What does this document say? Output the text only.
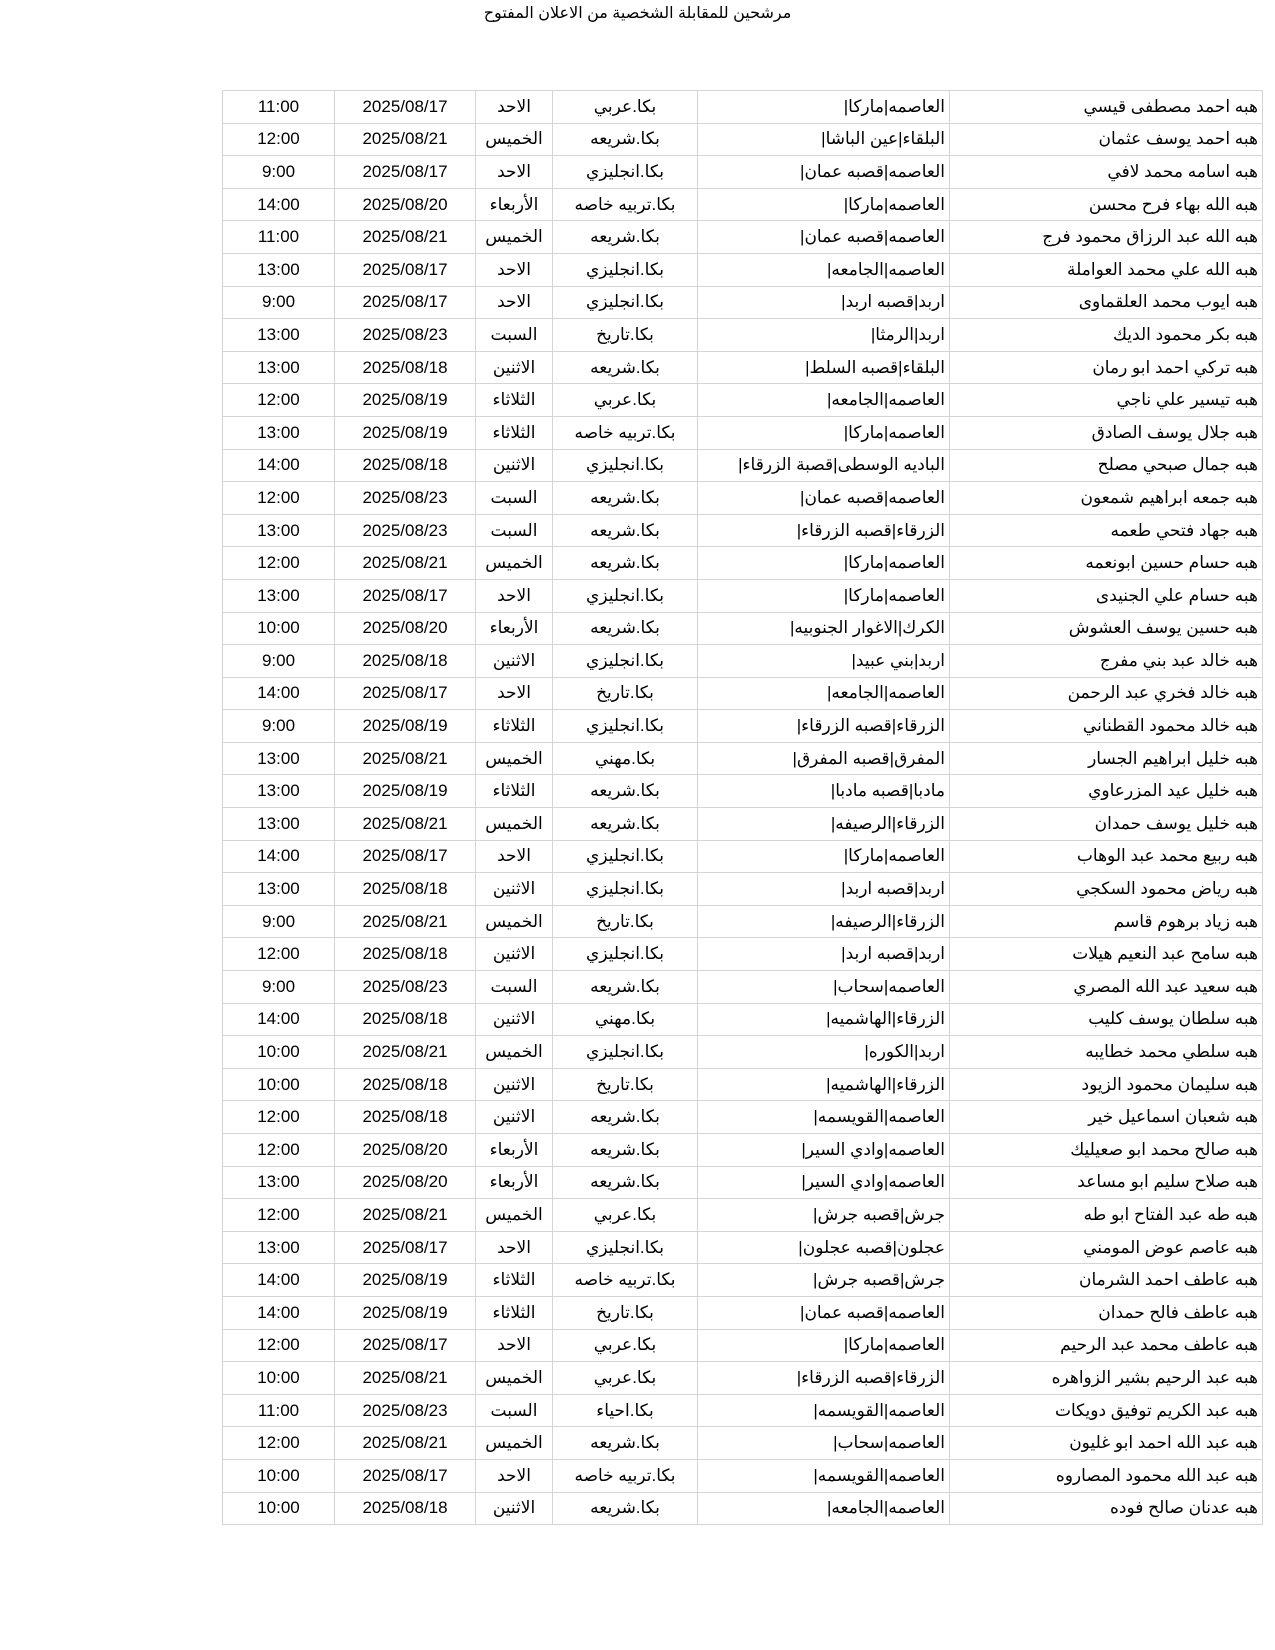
مرشحين للمقابلة الشخصية من الاعلان المفتوح
11:00	2025/08/17	الاحد	بكا.عربي	العاصمه|ماركا|	هبه احمد مصطفى قيسي
12:00	2025/08/21	الخميس	بكا.شريعه	البلقاء|عين الباشا|	هبه احمد يوسف عثمان
9:00	2025/08/17	الاحد	بكا.انجليزي	العاصمه|قصبه عمان|	هبه اسامه محمد لافي
14:00	2025/08/20	الأربعاء	بكا.تربيه خاصه	العاصمه|ماركا|	هبه الله بهاء فرح محسن
11:00	2025/08/21	الخميس	بكا.شريعه	العاصمه|قصبه عمان|	هبه الله عبد الرزاق محمود فرج
13:00	2025/08/17	الاحد	بكا.انجليزي	العاصمه|الجامعه|	هبه الله علي محمد العواملة
9:00	2025/08/17	الاحد	بكا.انجليزي	اربد|قصبه اربد|	هبه ايوب محمد العلقماوى
13:00	2025/08/23	السبت	بكا.تاريخ	اربد|الرمثا|	هبه بكر محمود الديك
13:00	2025/08/18	الاثنين	بكا.شريعه	البلقاء|قصبه السلط|	هبه تركي احمد ابو رمان
12:00	2025/08/19	الثلاثاء	بكا.عربي	العاصمه|الجامعه|	هبه تيسير علي ناجي
13:00	2025/08/19	الثلاثاء	بكا.تربيه خاصه	العاصمه|ماركا|	هبه جلال يوسف الصادق
14:00	2025/08/18	الاثنين	بكا.انجليزي	الباديه الوسطى|قصبة الزرقاء|	هبه جمال صبحي مصلح
12:00	2025/08/23	السبت	بكا.شريعه	العاصمه|قصبه عمان|	هبه جمعه ابراهيم شمعون
13:00	2025/08/23	السبت	بكا.شريعه	الزرقاء|قصبه الزرقاء|	هبه جهاد فتحي طعمه
12:00	2025/08/21	الخميس	بكا.شريعه	العاصمه|ماركا|	هبه حسام حسين ابونعمه
13:00	2025/08/17	الاحد	بكا.انجليزي	العاصمه|ماركا|	هبه حسام علي الجنيدى
10:00	2025/08/20	الأربعاء	بكا.شريعه	الكرك|الاغوار الجنوبيه|	هبه حسين يوسف العشوش
9:00	2025/08/18	الاثنين	بكا.انجليزي	اربد|بني عبيد|	هبه خالد عبد بني مفرج
14:00	2025/08/17	الاحد	بكا.تاريخ	العاصمه|الجامعه|	هبه خالد فخري عبد الرحمن
9:00	2025/08/19	الثلاثاء	بكا.انجليزي	الزرقاء|قصبه الزرقاء|	هبه خالد محمود القطناني
13:00	2025/08/21	الخميس	بكا.مهني	المفرق|قصبه المفرق|	هبه خليل ابراهيم الجسار
13:00	2025/08/19	الثلاثاء	بكا.شريعه	مادبا|قصبه مادبا|	هبه خليل عيد المزرعاوي
13:00	2025/08/21	الخميس	بكا.شريعه	الزرقاء|الرصيفه|	هبه خليل يوسف حمدان
14:00	2025/08/17	الاحد	بكا.انجليزي	العاصمه|ماركا|	هبه ربيع محمد عبد الوهاب
13:00	2025/08/18	الاثنين	بكا.انجليزي	اربد|قصبه اربد|	هبه رياض محمود السكجي
9:00	2025/08/21	الخميس	بكا.تاريخ	الزرقاء|الرصيفه|	هبه زياد برهوم قاسم
12:00	2025/08/18	الاثنين	بكا.انجليزي	اربد|قصبه اربد|	هبه سامح عبد النعيم هيلات
9:00	2025/08/23	السبت	بكا.شريعه	العاصمه|سحاب|	هبه سعيد عبد الله المصري
14:00	2025/08/18	الاثنين	بكا.مهني	الزرقاء|الهاشميه|	هبه سلطان يوسف كليب
10:00	2025/08/21	الخميس	بكا.انجليزي	اربد|الكوره|	هبه سلطي محمد خطايبه
10:00	2025/08/18	الاثنين	بكا.تاريخ	الزرقاء|الهاشميه|	هبه سليمان محمود الزيود
12:00	2025/08/18	الاثنين	بكا.شريعه	العاصمه|القويسمه|	هبه شعبان اسماعيل خير
12:00	2025/08/20	الأربعاء	بكا.شريعه	العاصمه|وادي السير|	هبه صالح محمد ابو صعيليك
13:00	2025/08/20	الأربعاء	بكا.شريعه	العاصمه|وادي السير|	هبه صلاح سليم ابو مساعد
12:00	2025/08/21	الخميس	بكا.عربي	جرش|قصبه جرش|	هبه طه عبد الفتاح ابو طه
13:00	2025/08/17	الاحد	بكا.انجليزي	عجلون|قصبه عجلون|	هبه عاصم عوض المومني
14:00	2025/08/19	الثلاثاء	بكا.تربيه خاصه	جرش|قصبه جرش|	هبه عاطف احمد الشرمان
14:00	2025/08/19	الثلاثاء	بكا.تاريخ	العاصمه|قصبه عمان|	هبه عاطف فالح حمدان
12:00	2025/08/17	الاحد	بكا.عربي	العاصمه|ماركا|	هبه عاطف محمد عبد الرحيم
10:00	2025/08/21	الخميس	بكا.عربي	الزرقاء|قصبه الزرقاء|	هبه عبد الرحيم بشير الزواهره
11:00	2025/08/23	السبت	بكا.احياء	العاصمه|القويسمه|	هبه عبد الكريم توفيق دويكات
12:00	2025/08/21	الخميس	بكا.شريعه	العاصمه|سحاب|	هبه عبد الله احمد ابو غليون
10:00	2025/08/17	الاحد	بكا.تربيه خاصه	العاصمه|القويسمه|	هبه عبد الله محمود المصاروه
10:00	2025/08/18	الاثنين	بكا.شريعه	العاصمه|الجامعه|	هبه عدنان صالح فوده
